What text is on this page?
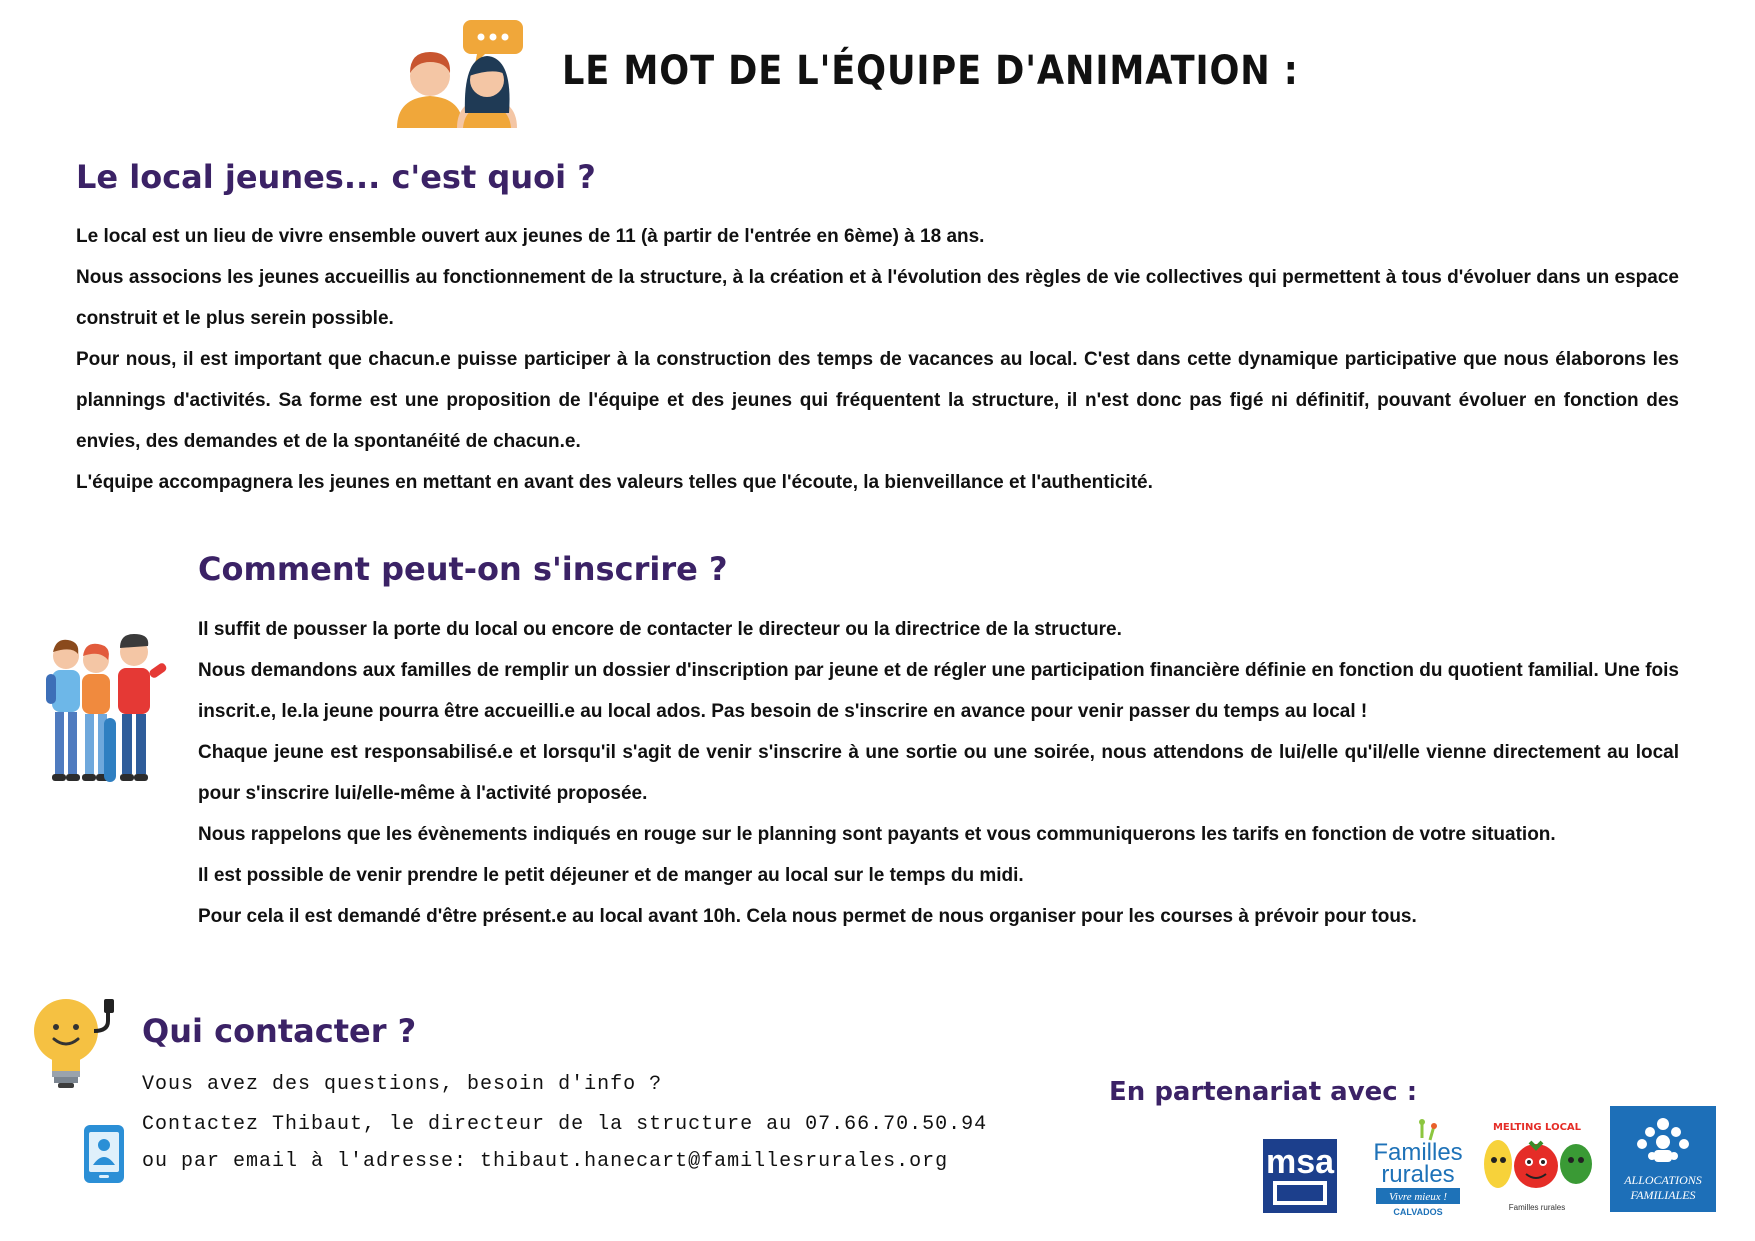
LE MOT DE L'ÉQUIPE D'ANIMATION :
Le local jeunes... c'est quoi ?

Le local est un lieu de vivre ensemble ouvert aux jeunes de 11 (à partir de l'entrée en 6ème) à 18 ans.

Nous associons les jeunes accueillis au fonctionnement de la structure, à la création et à l'évolution des règles de vie collectives qui permettent à tous d'évoluer dans un espace construit et le plus serein possible.

Pour nous, il est important que chacun.e puisse participer à la construction des temps de vacances au local. C'est dans cette dynamique participative que nous élaborons les plannings d'activités. Sa forme est une proposition de l'équipe et des jeunes qui fréquentent la structure, il n'est donc pas figé ni définitif, pouvant évoluer en fonction des envies, des demandes et de la spontanéité de chacun.e.

L'équipe accompagnera les jeunes en mettant en avant des valeurs telles que l'écoute, la bienveillance et l'authenticité.

Comment peut-on s'inscrire ?

Il suffit de pousser la porte du local ou encore de contacter le directeur ou la directrice de la structure.

Nous demandons aux familles de remplir un dossier d'inscription par jeune et de régler une participation financière définie en fonction du quotient familial. Une fois inscrit.e, le.la jeune pourra être accueilli.e au local ados. Pas besoin de s'inscrire en avance pour venir passer du temps au local !

Chaque jeune est responsabilisé.e et lorsqu'il s'agit de venir s'inscrire à une sortie ou une soirée, nous attendons de lui/elle qu'il/elle vienne directement au local pour s'inscrire lui/elle-même à l'activité proposée.

Nous rappelons que les évènements indiqués en rouge sur le planning sont payants et vous communiquerons les tarifs en fonction de votre situation.

Il est possible de venir prendre le petit déjeuner et de manger au local sur le temps du midi.

Pour cela il est demandé d'être présent.e au local avant 10h. Cela nous permet de nous organiser pour les courses à prévoir pour tous.

Qui contacter ?
Vous avez des questions, besoin d'info ?
Contactez Thibaut, le directeur de la structure au 07.66.70.50.94
ou par email à l'adresse: thibaut.hanecart@famillesrurales.org
En partenariat avec :
msa Familles
rurales
Vivre mieux !
CALVADOS
MELTING LOCAL
Familles rurales
ALLOCATIONS
FAMILIALES
